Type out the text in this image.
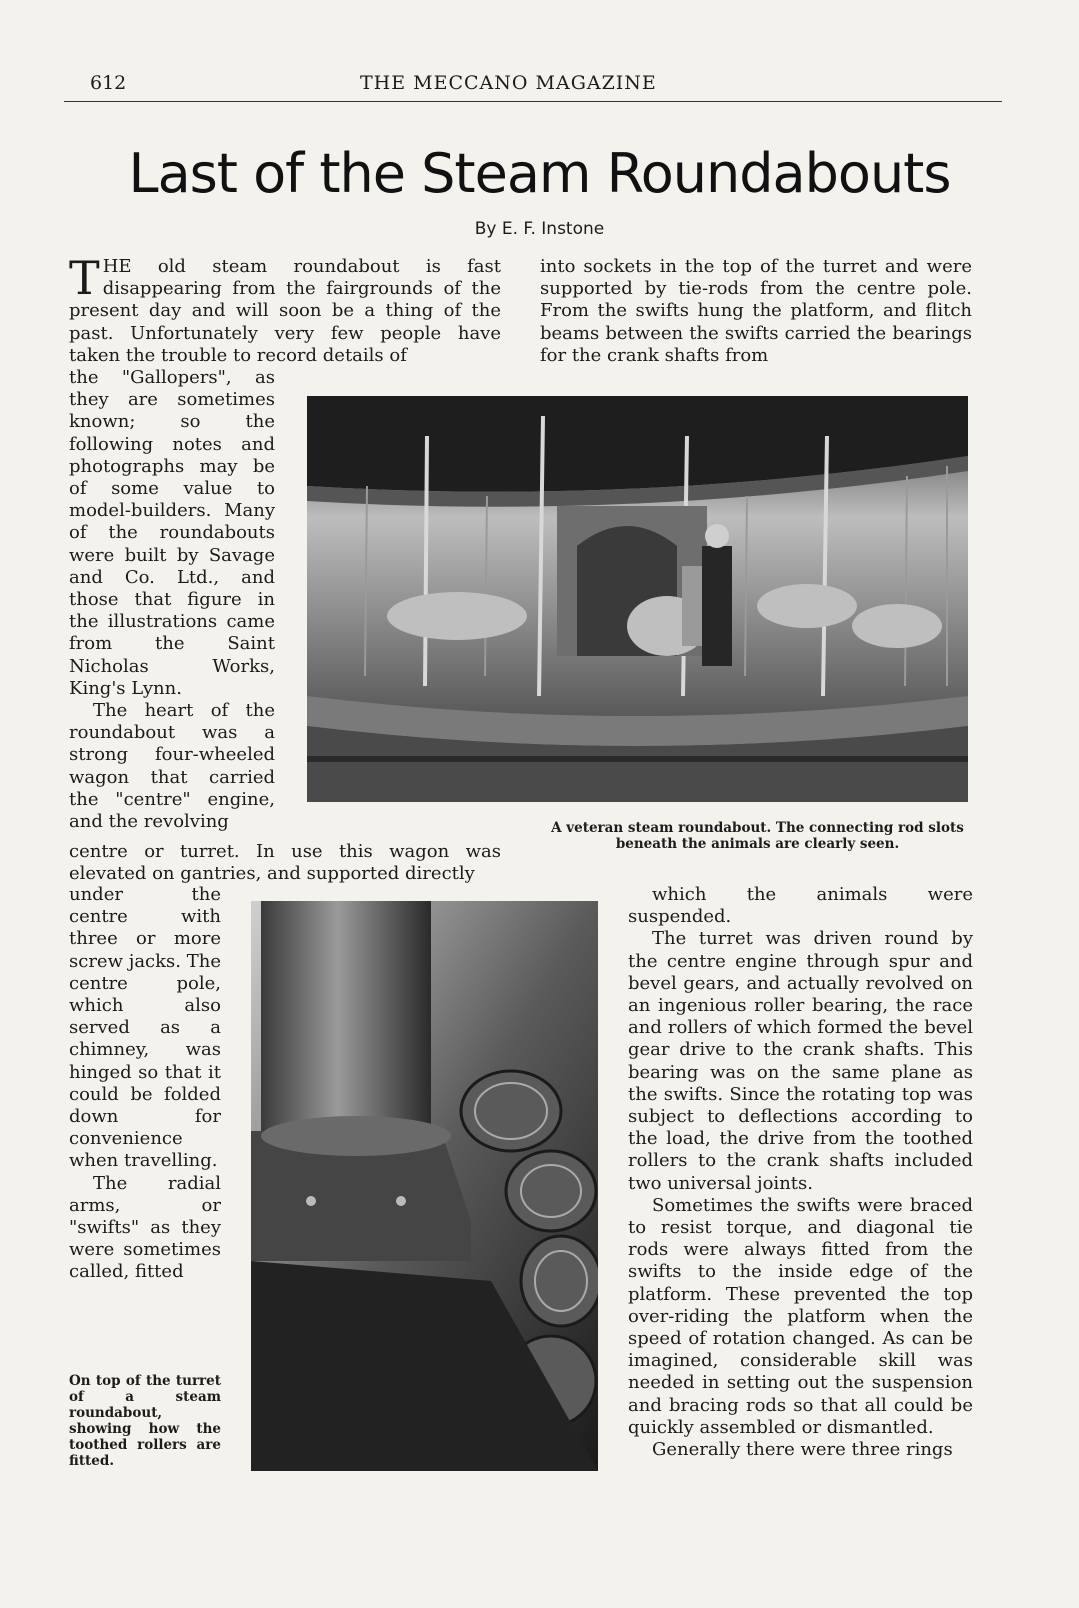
612	THE MECCANO MAGAZINE
Last of the Steam Roundabouts
By E. F. Instone

THE old steam roundabout is fast disappearing from the fairgrounds of the present day and will soon be a thing of the past. Unfortunately very few people have taken the trouble to record details of

the "Gallopers", as they are sometimes known; so the following notes and photographs may be of some value to model-builders. Many of the roundabouts were built by Savage and Co. Ltd., and those that figure in the illustrations came from the Saint Nicholas Works, King's Lynn.

The heart of the roundabout was a strong four-wheeled wagon that carried the "centre" engine, and the revolving

centre or turret. In use this wagon was elevated on gantries, and supported directly

under the centre with three or more screw jacks. The centre pole, which also served as a chimney, was hinged so that it could be folded down for convenience when travelling.

The radial arms, or "swifts" as they were sometimes called, fitted

On top of the turret of a steam roundabout, showing how the toothed rollers are fitted.

into sockets in the top of the turret and were supported by tie-rods from the centre pole. From the swifts hung the platform, and flitch beams between the swifts carried the bearings for the crank shafts from

A veteran steam roundabout. The connecting rod slots beneath the animals are clearly seen.

which the animals were suspended.

The turret was driven round by the centre engine through spur and bevel gears, and actually revolved on an ingenious roller bearing, the race and rollers of which formed the bevel gear drive to the crank shafts. This bearing was on the same plane as the swifts. Since the rotating top was subject to deflections according to the load, the drive from the toothed rollers to the crank shafts included two universal joints.

Sometimes the swifts were braced to resist torque, and diagonal tie rods were always fitted from the swifts to the inside edge of the platform. These prevented the top over-riding the platform when the speed of rotation changed. As can be imagined, considerable skill was needed in setting out the suspension and bracing rods so that all could be quickly assembled or dismantled.

Generally there were three rings
